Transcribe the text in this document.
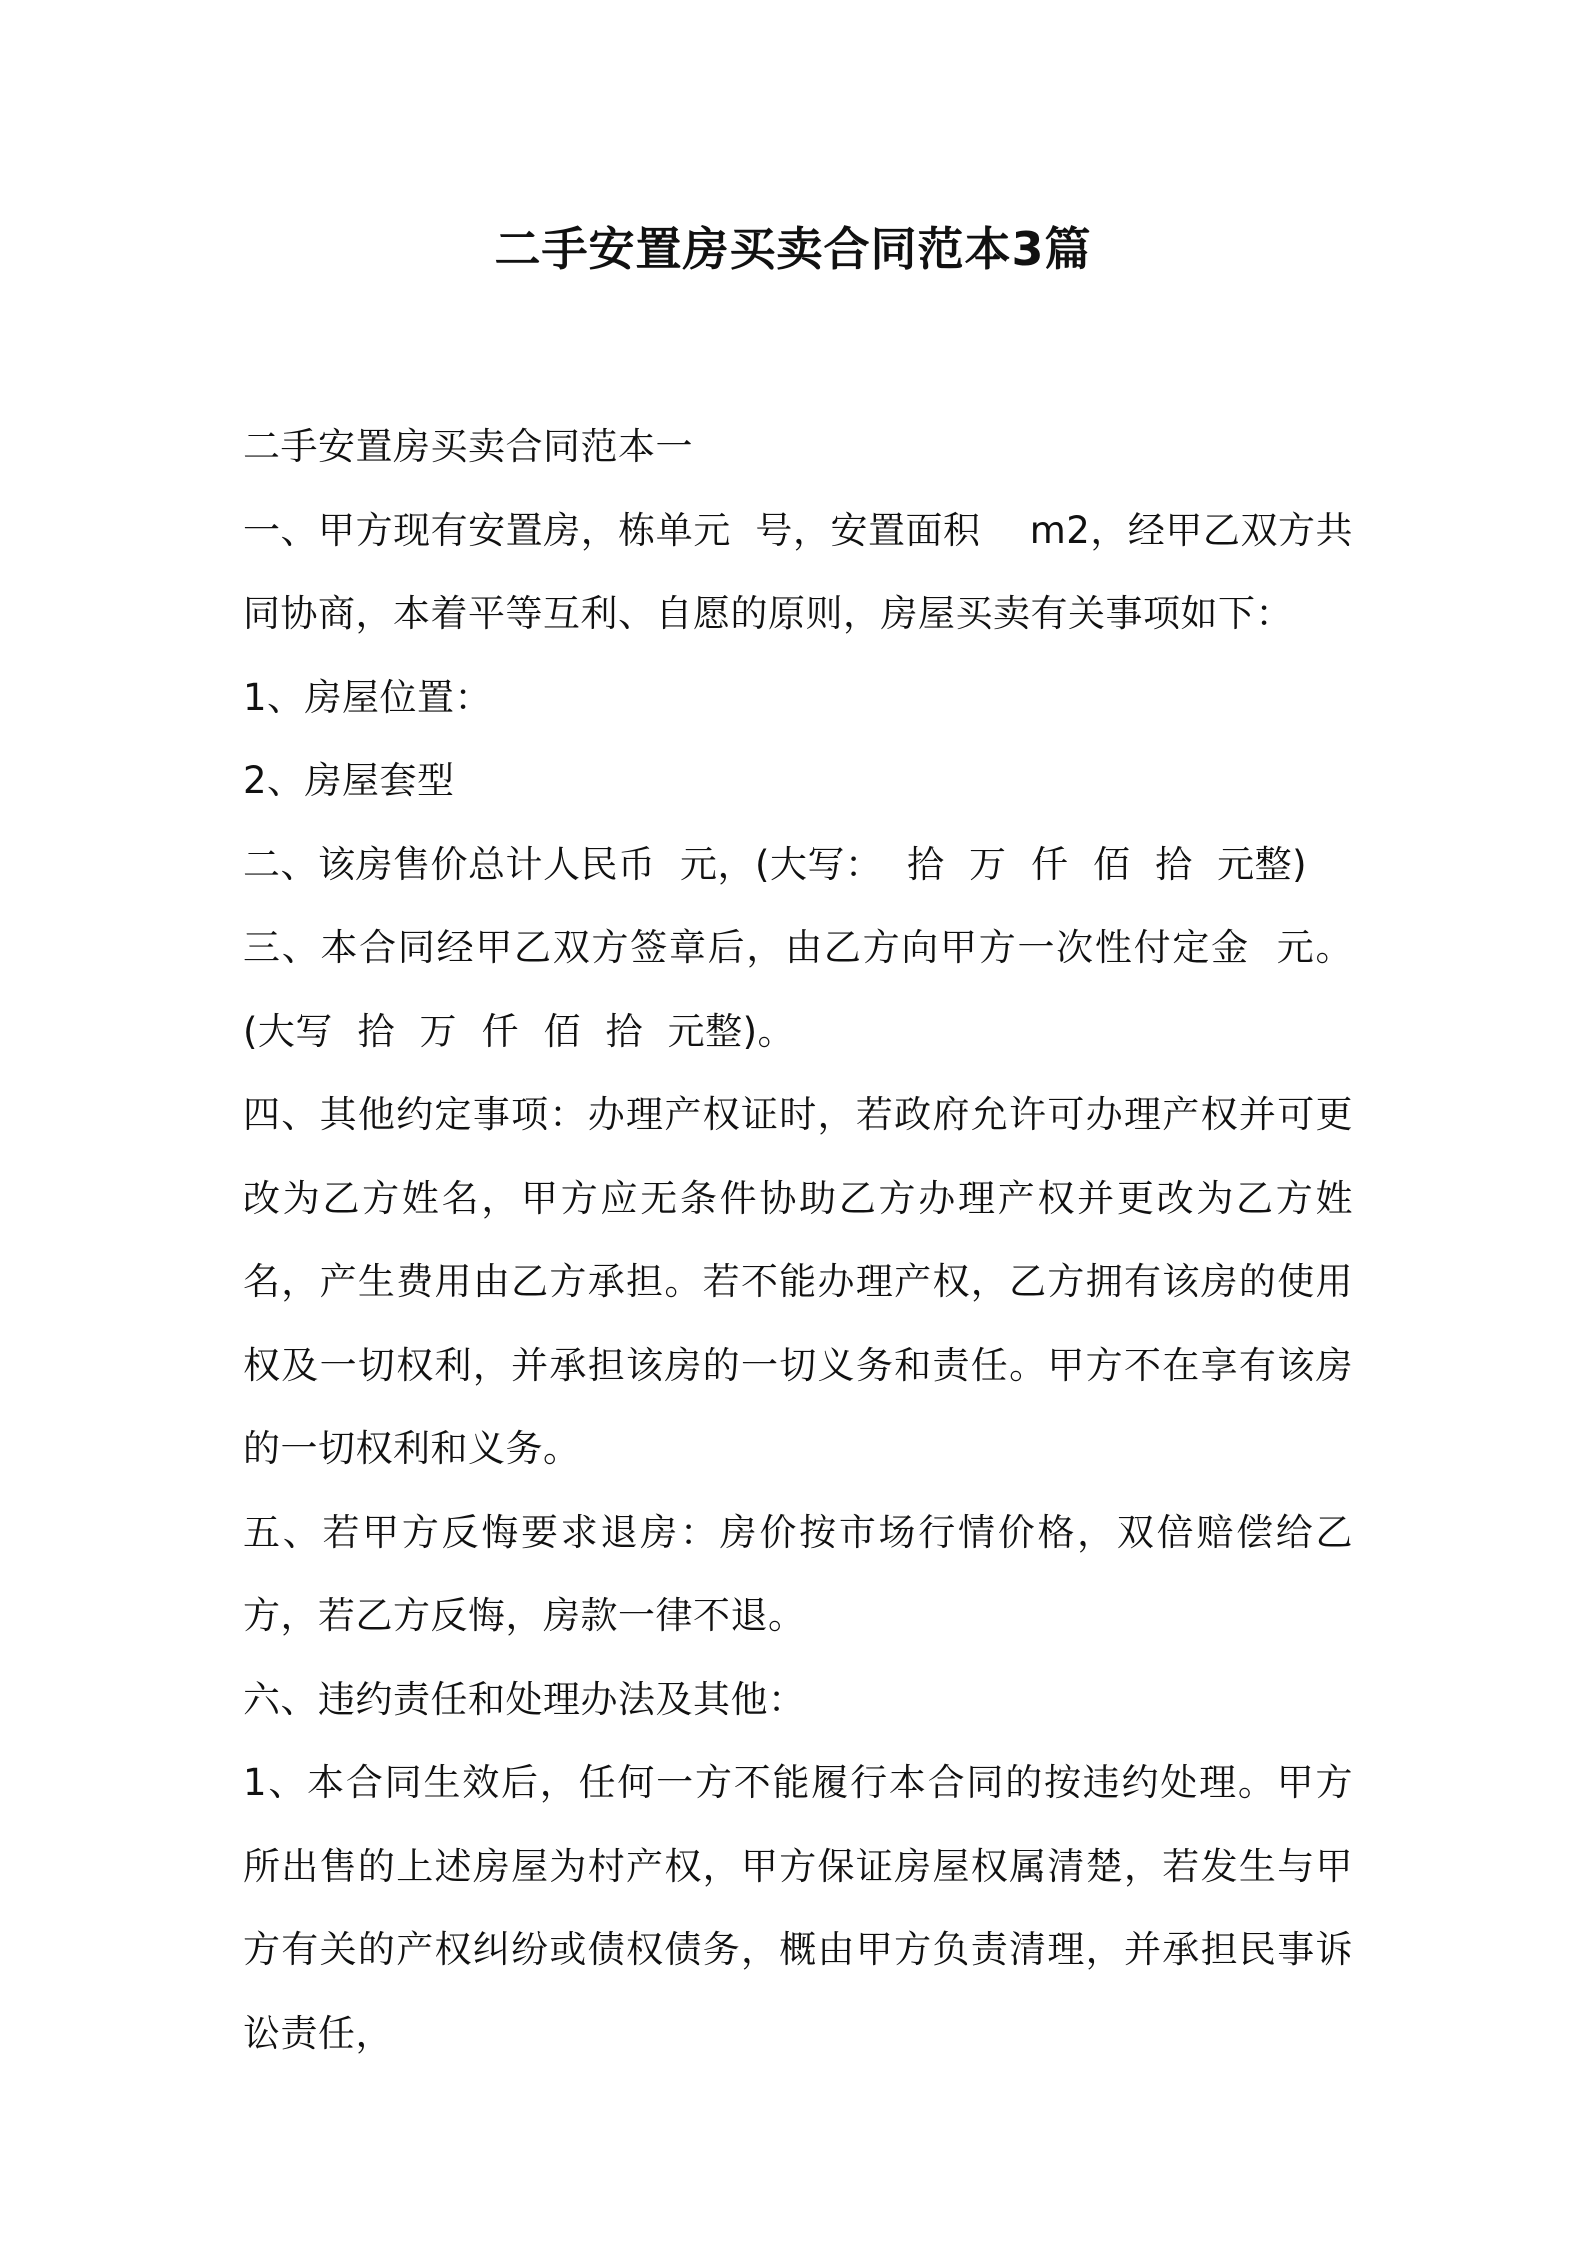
二手安置房买卖合同范本3篇

二手安置房买卖合同范本一

一、甲方现有安置房，栋单元  号，安置面积    m2，经甲乙双方共同协商，本着平等互利、自愿的原则，房屋买卖有关事项如下：

1、房屋位置：

2、房屋套型

二、该房售价总计人民币  元，(大写：  拾  万  仟  佰  拾  元整)

三、本合同经甲乙双方签章后，由乙方向甲方一次性付定金  元。(大写  拾  万  仟  佰  拾  元整)。

四、其他约定事项：办理产权证时，若政府允许可办理产权并可更改为乙方姓名，甲方应无条件协助乙方办理产权并更改为乙方姓名，产生费用由乙方承担。若不能办理产权，乙方拥有该房的使用权及一切权利，并承担该房的一切义务和责任。甲方不在享有该房的一切权利和义务。

五、若甲方反悔要求退房：房价按市场行情价格，双倍赔偿给乙方，若乙方反悔，房款一律不退。

六、违约责任和处理办法及其他：

1、本合同生效后，任何一方不能履行本合同的按违约处理。甲方所出售的上述房屋为村产权，甲方保证房屋权属清楚，若发生与甲方有关的产权纠纷或债权债务，概由甲方负责清理，并承担民事诉讼责任，
